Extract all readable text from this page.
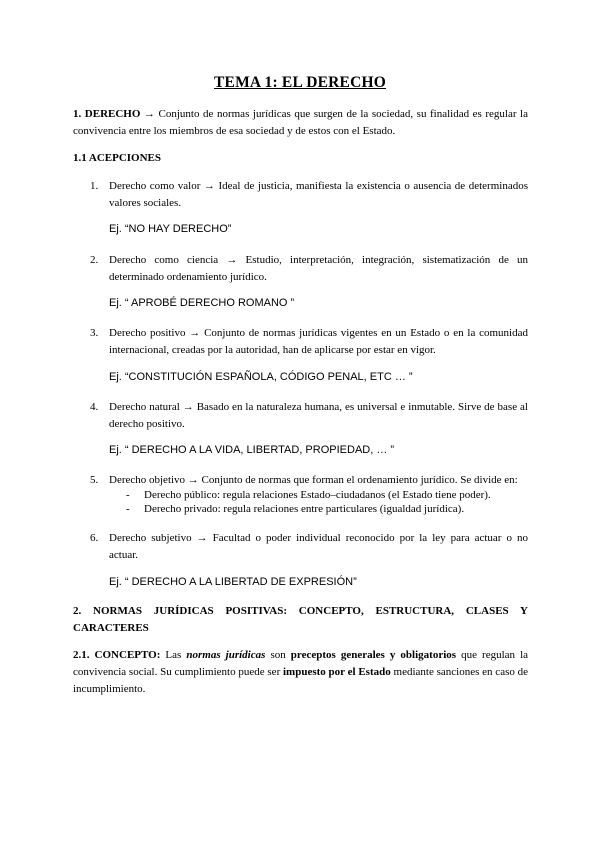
TEMA 1: EL DERECHO
1. DERECHO → Conjunto de normas jurídicas que surgen de la sociedad, su finalidad es regular la convivencia entre los miembros de esa sociedad y de estos con el Estado.
1.1 ACEPCIONES
1. Derecho como valor → Ideal de justicia, manifiesta la existencia o ausencia de determinados valores sociales.
Ej. “NO HAY DERECHO”
2. Derecho como ciencia → Estudio, interpretación, integración, sistematización de un determinado ordenamiento jurídico.
Ej. “ APROBÉ DERECHO ROMANO ”
3. Derecho positivo → Conjunto de normas jurídicas vigentes en un Estado o en la comunidad internacional, creadas por la autoridad, han de aplicarse por estar en vigor.
Ej. “CONSTITUCIÓN ESPAÑOLA, CÓDIGO PENAL, ETC … ”
4. Derecho natural → Basado en la naturaleza humana, es universal e inmutable. Sirve de base al derecho positivo.
Ej. “ DERECHO A LA VIDA, LIBERTAD, PROPIEDAD, … ”
5. Derecho objetivo → Conjunto de normas que forman el ordenamiento jurídico. Se divide en:
- Derecho público: regula relaciones Estado–ciudadanos (el Estado tiene poder).
- Derecho privado: regula relaciones entre particulares (igualdad jurídica).
6. Derecho subjetivo → Facultad o poder individual reconocido por la ley para actuar o no actuar.
Ej. “ DERECHO A LA LIBERTAD DE EXPRESIÓN”
2. NORMAS JURÍDICAS POSITIVAS: CONCEPTO, ESTRUCTURA, CLASES Y CARACTERES
2.1. CONCEPTO: Las normas jurídicas son preceptos generales y obligatorios que regulan la convivencia social. Su cumplimiento puede ser impuesto por el Estado mediante sanciones en caso de incumplimiento.
